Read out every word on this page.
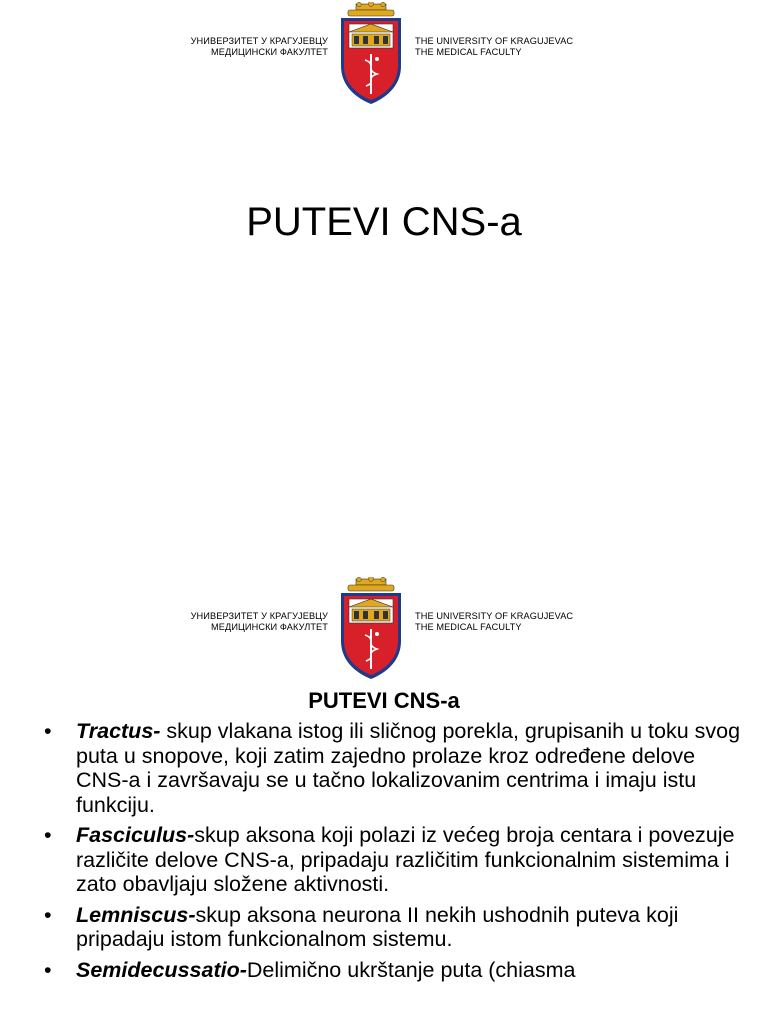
УНИВЕРЗИТЕТ У КРАГУЈЕВЦУ
МЕДИЦИНСКИ ФАКУЛТЕТ
THE UNIVERSITY OF KRAGUJEVAC
THE MEDICAL FACULTY
PUTEVI CNS-a
УНИВЕРЗИТЕТ У КРАГУЈЕВЦУ
МЕДИЦИНСКИ ФАКУЛТЕТ
THE UNIVERSITY OF KRAGUJEVAC
THE MEDICAL FACULTY
PUTEVI CNS-a
• Tractus- skup vlakana istog ili sličnog porekla, grupisanih u toku svog puta u snopove, koji zatim zajedno prolaze kroz određene delove CNS-a i završavaju se u tačno lokalizovanim centrima i imaju istu funkciju.
• Fasciculus-skup aksona koji polazi iz većeg broja centara i povezuje različite delove CNS-a, pripadaju različitim funkcionalnim sistemima i zato obavljaju složene aktivnosti.
• Lemniscus-skup aksona neurona II nekih ushodnih puteva koji pripadaju istom funkcionalnom sistemu.
• Semidecussatio-Delimično ukrštanje puta (chiasma
